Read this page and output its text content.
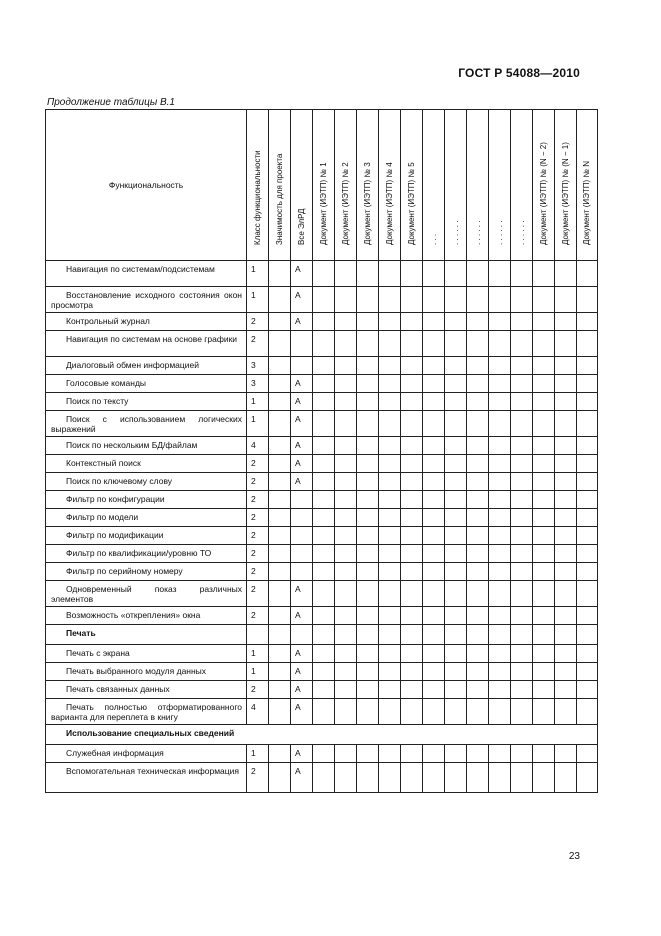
ГОСТ Р 54088—2010
Продолжение таблицы В.1
Функциональность	Класс функциональности	Значимость для проекта	Все ЭлРД	Документ (ИЭТП) № 1	Документ (ИЭТП) № 2	Документ (ИЭТП) № 3	Документ (ИЭТП) № 4	Документ (ИЭТП) № 5	. . .	. . . . . .	. . . . . .	. . . . . .	. . . . . .	Документ (ИЭТП) № (N − 2)	Документ (ИЭТП) № (N − 1)	Документ (ИЭТП) № N

Навигация по системам/подсистемам	1		А													
Восстановление исходного состояния окон просмотра	1		А													
Контрольный журнал	2		А													
Навигация по системам на основе графики	2															
Диалоговый обмен информацией	3															
Голосовые команды	3		А													
Поиск по тексту	1		А													
Поиск с использованием логических выражений	1		А													
Поиск по нескольким БД/файлам	4		А													
Контекстный поиск	2		А													
Поиск по ключевому слову	2		А													
Фильтр по конфигурации	2															
Фильтр по модели	2															
Фильтр по модификации	2															
Фильтр по квалификации/уровню ТО	2															
Фильтр по серийному номеру	2															
Одновременный показ различных элементов	2		А													
Возможность «открепления» окна	2		А													
Печать																
Печать с экрана	1		А													
Печать выбранного модуля данных	1		А													
Печать связанных данных	2		А													
Печать полностью отформатированного варианта для переплета в книгу	4		А													
Использование специальных сведений																
Служебная информация	1		А													
Вспомогательная техническая информация	2		А													
23
